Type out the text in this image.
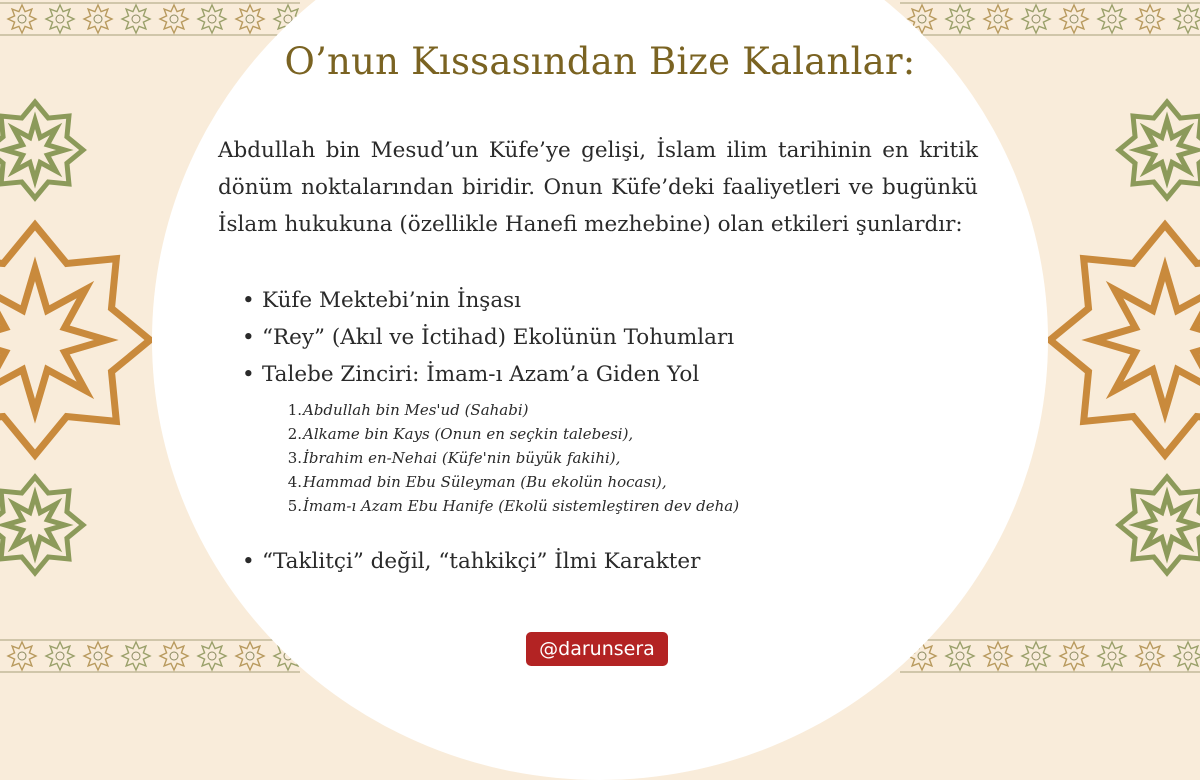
O’nun Kıssasından Bize Kalanlar:

Abdullah bin Mesud’un Küfe’ye gelişi, İslam ilim tarihinin en kritik dönüm noktalarından biridir. Onun Küfe’deki faaliyetleri ve bugünkü İslam hukukuna (özellikle Hanefi mezhebine) olan etkileri şunlardır:

• Küfe Mektebi’nin İnşası
• “Rey” (Akıl ve İctihad) Ekolünün Tohumları
• Talebe Zinciri: İmam-ı Azam’a Giden Yol
1. Abdullah bin Mes'ud (Sahabi)
2. Alkame bin Kays (Onun en seçkin talebesi),
3. İbrahim en-Nehai (Küfe'nin büyük fakihi),
4. Hammad bin Ebu Süleyman (Bu ekolün hocası),
5. İmam-ı Azam Ebu Hanife (Ekolü sistemleştiren dev deha)
• “Taklitçi” değil, “tahkikçi” İlmi Karakter
@darunsera
